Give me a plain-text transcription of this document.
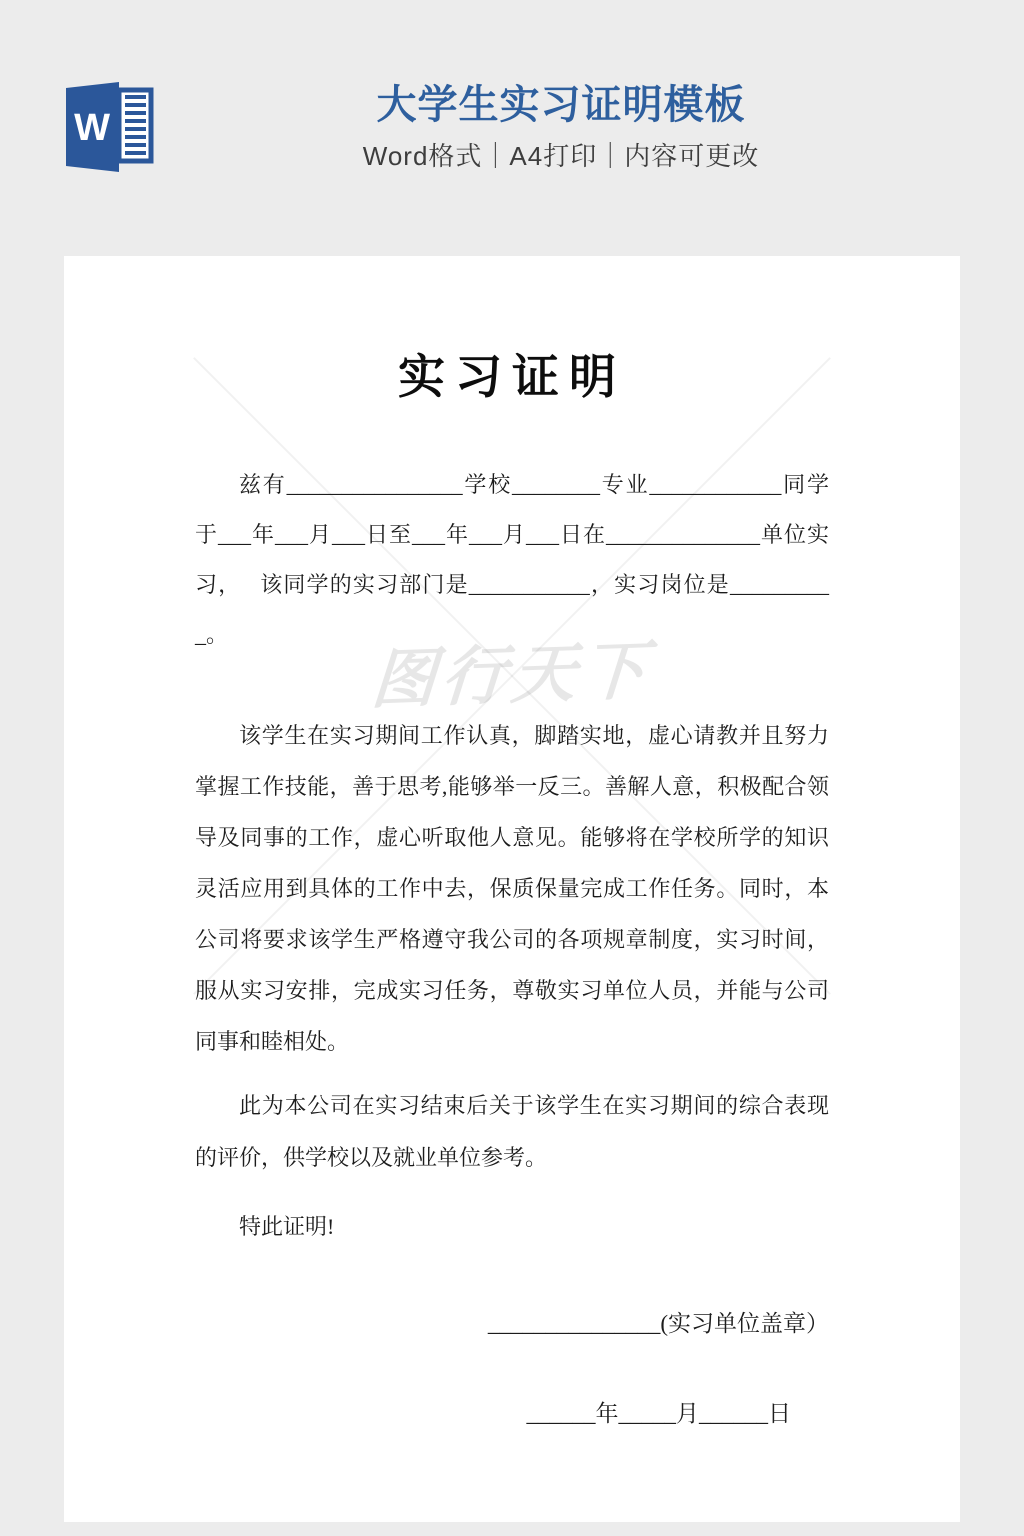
W
大学生实习证明模板
Word格式｜A4打印｜内容可更改
图行天下
实习证明

兹有________________学校________专业____________同学于___年___月___日至___年___月___日在______________单位实习，　 该同学的实习部门是___________，实习岗位是__________。

该学生在实习期间工作认真，脚踏实地，虚心请教并且努力掌握工作技能，善于思考,能够举一反三。善解人意，积极配合领导及同事的工作，虚心听取他人意见。能够将在学校所学的知识灵活应用到具体的工作中去，保质保量完成工作任务。同时，本公司将要求该学生严格遵守我公司的各项规章制度，实习时间，服从实习安排，完成实习任务，尊敬实习单位人员，并能与公司同事和睦相处。

此为本公司在实习结束后关于该学生在实习期间的综合表现的评价，供学校以及就业单位参考。

特此证明!
_______________(实习单位盖章）
______年_____月______日
